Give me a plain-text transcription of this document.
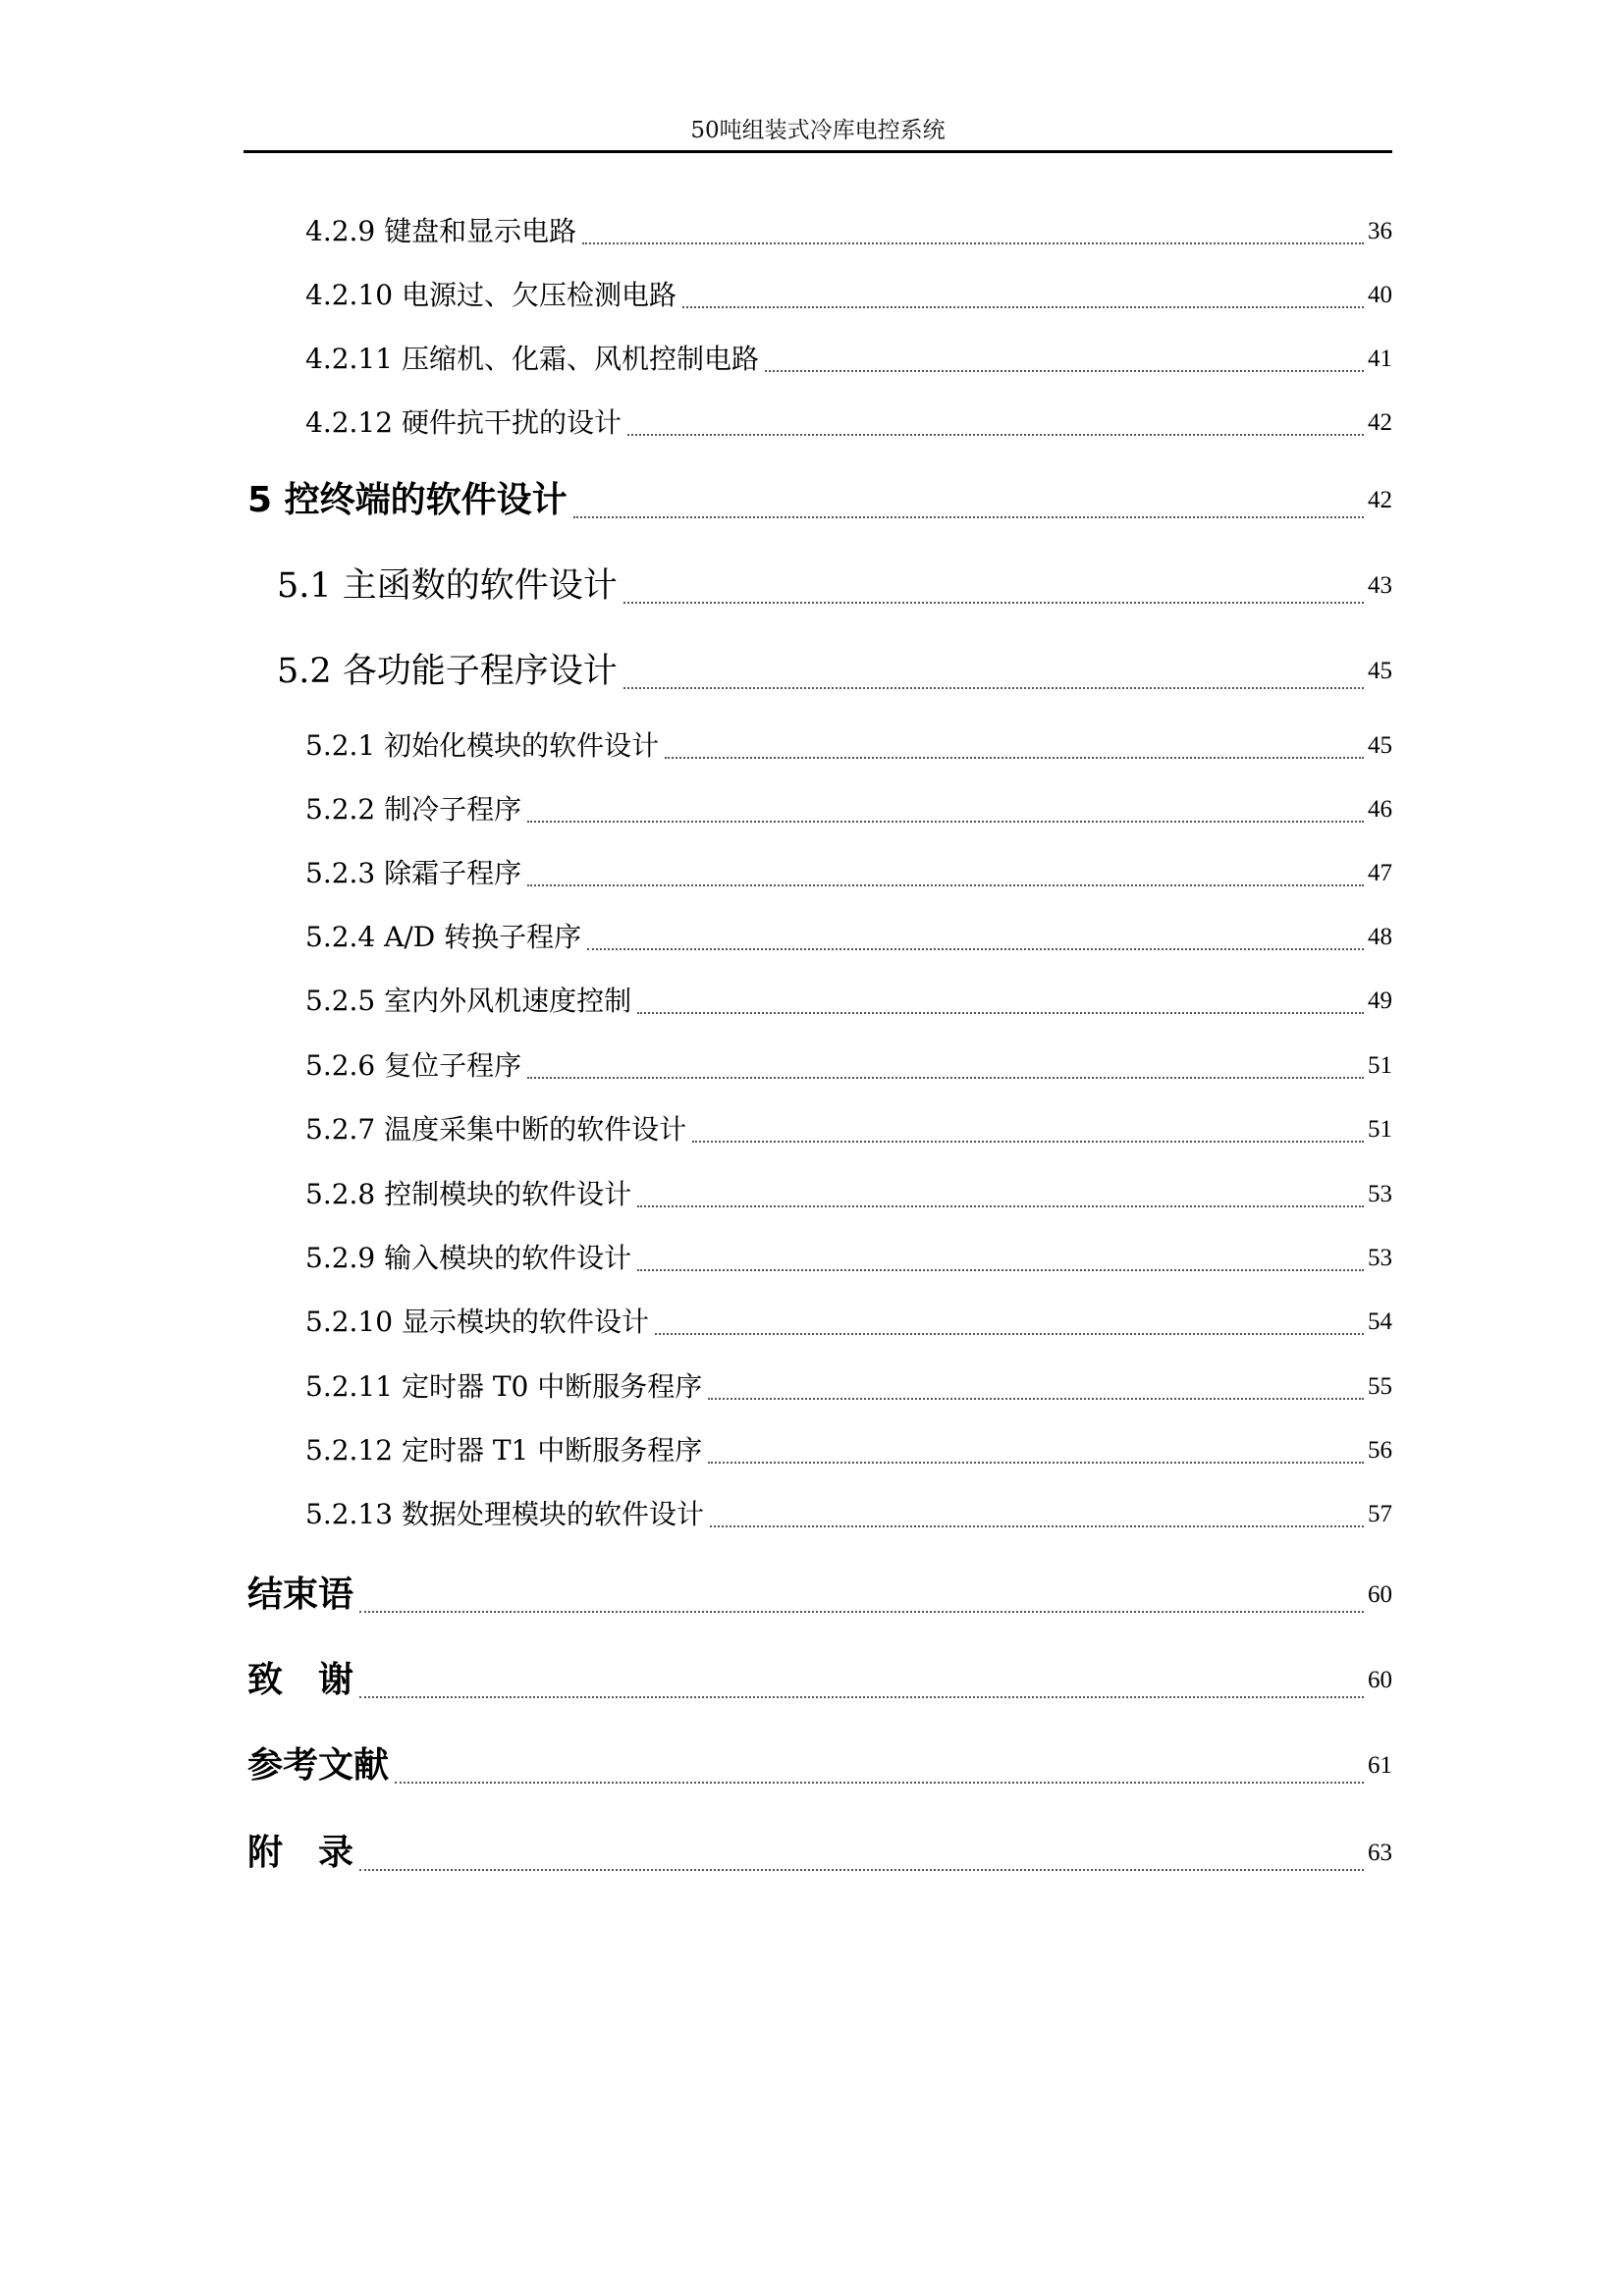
50吨组装式冷库电控系统
4.2.9 键盘和显示电路	36
4.2.10 电源过、欠压检测电路	40
4.2.11 压缩机、化霜、风机控制电路	41
4.2.12 硬件抗干扰的设计	42
5 控终端的软件设计	42
5.1 主函数的软件设计	43
5.2 各功能子程序设计	45
5.2.1 初始化模块的软件设计	45
5.2.2 制冷子程序	46
5.2.3 除霜子程序	47
5.2.4 A/D 转换子程序	48
5.2.5 室内外风机速度控制	49
5.2.6 复位子程序	51
5.2.7 温度采集中断的软件设计	51
5.2.8 控制模块的软件设计	53
5.2.9 输入模块的软件设计	53
5.2.10 显示模块的软件设计	54
5.2.11 定时器 T0 中断服务程序	55
5.2.12 定时器 T1 中断服务程序	56
5.2.13 数据处理模块的软件设计	57
结束语	60
致　谢	60
参考文献	61
附　录	63
